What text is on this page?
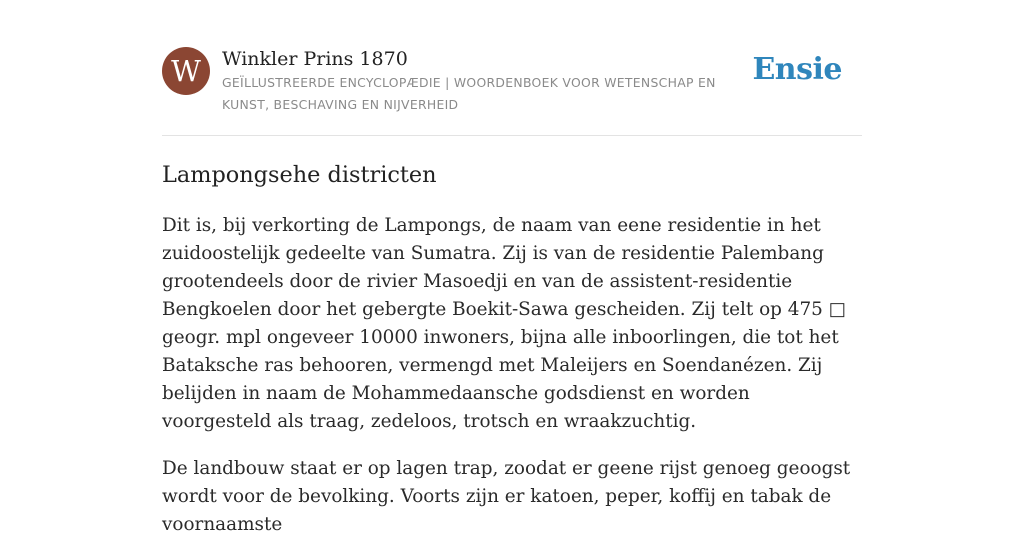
W Winkler Prins 1870
GEÏLLUSTREERDE ENCYCLOPÆDIE | WOORDENBOEK VOOR WETENSCHAP EN KUNST, BESCHAVING EN NIJVERHEID
Ensie
Lampongsehe districten

Dit is, bij verkorting de Lampongs, de naam van eene residentie in het zuidoostelijk gedeelte van Sumatra. Zij is van de residentie Palembang grootendeels door de rivier Masoedji en van de assistent-residentie Bengkoelen door het gebergte Boekit-Sawa gescheiden. Zij telt op 475 □ geogr. mpl ongeveer 10000 inwoners, bijna alle inboorlingen, die tot het Bataksche ras behooren, vermengd met Maleijers en Soendanézen. Zij belijden in naam de Mohammedaansche godsdienst en worden voorgesteld als traag, zedeloos, trotsch en wraakzuchtig.

De landbouw staat er op lagen trap, zoodat er geene rijst genoeg geoogst wordt voor de bevolking. Voorts zijn er katoen, peper, koffij en tabak de voornaamste
